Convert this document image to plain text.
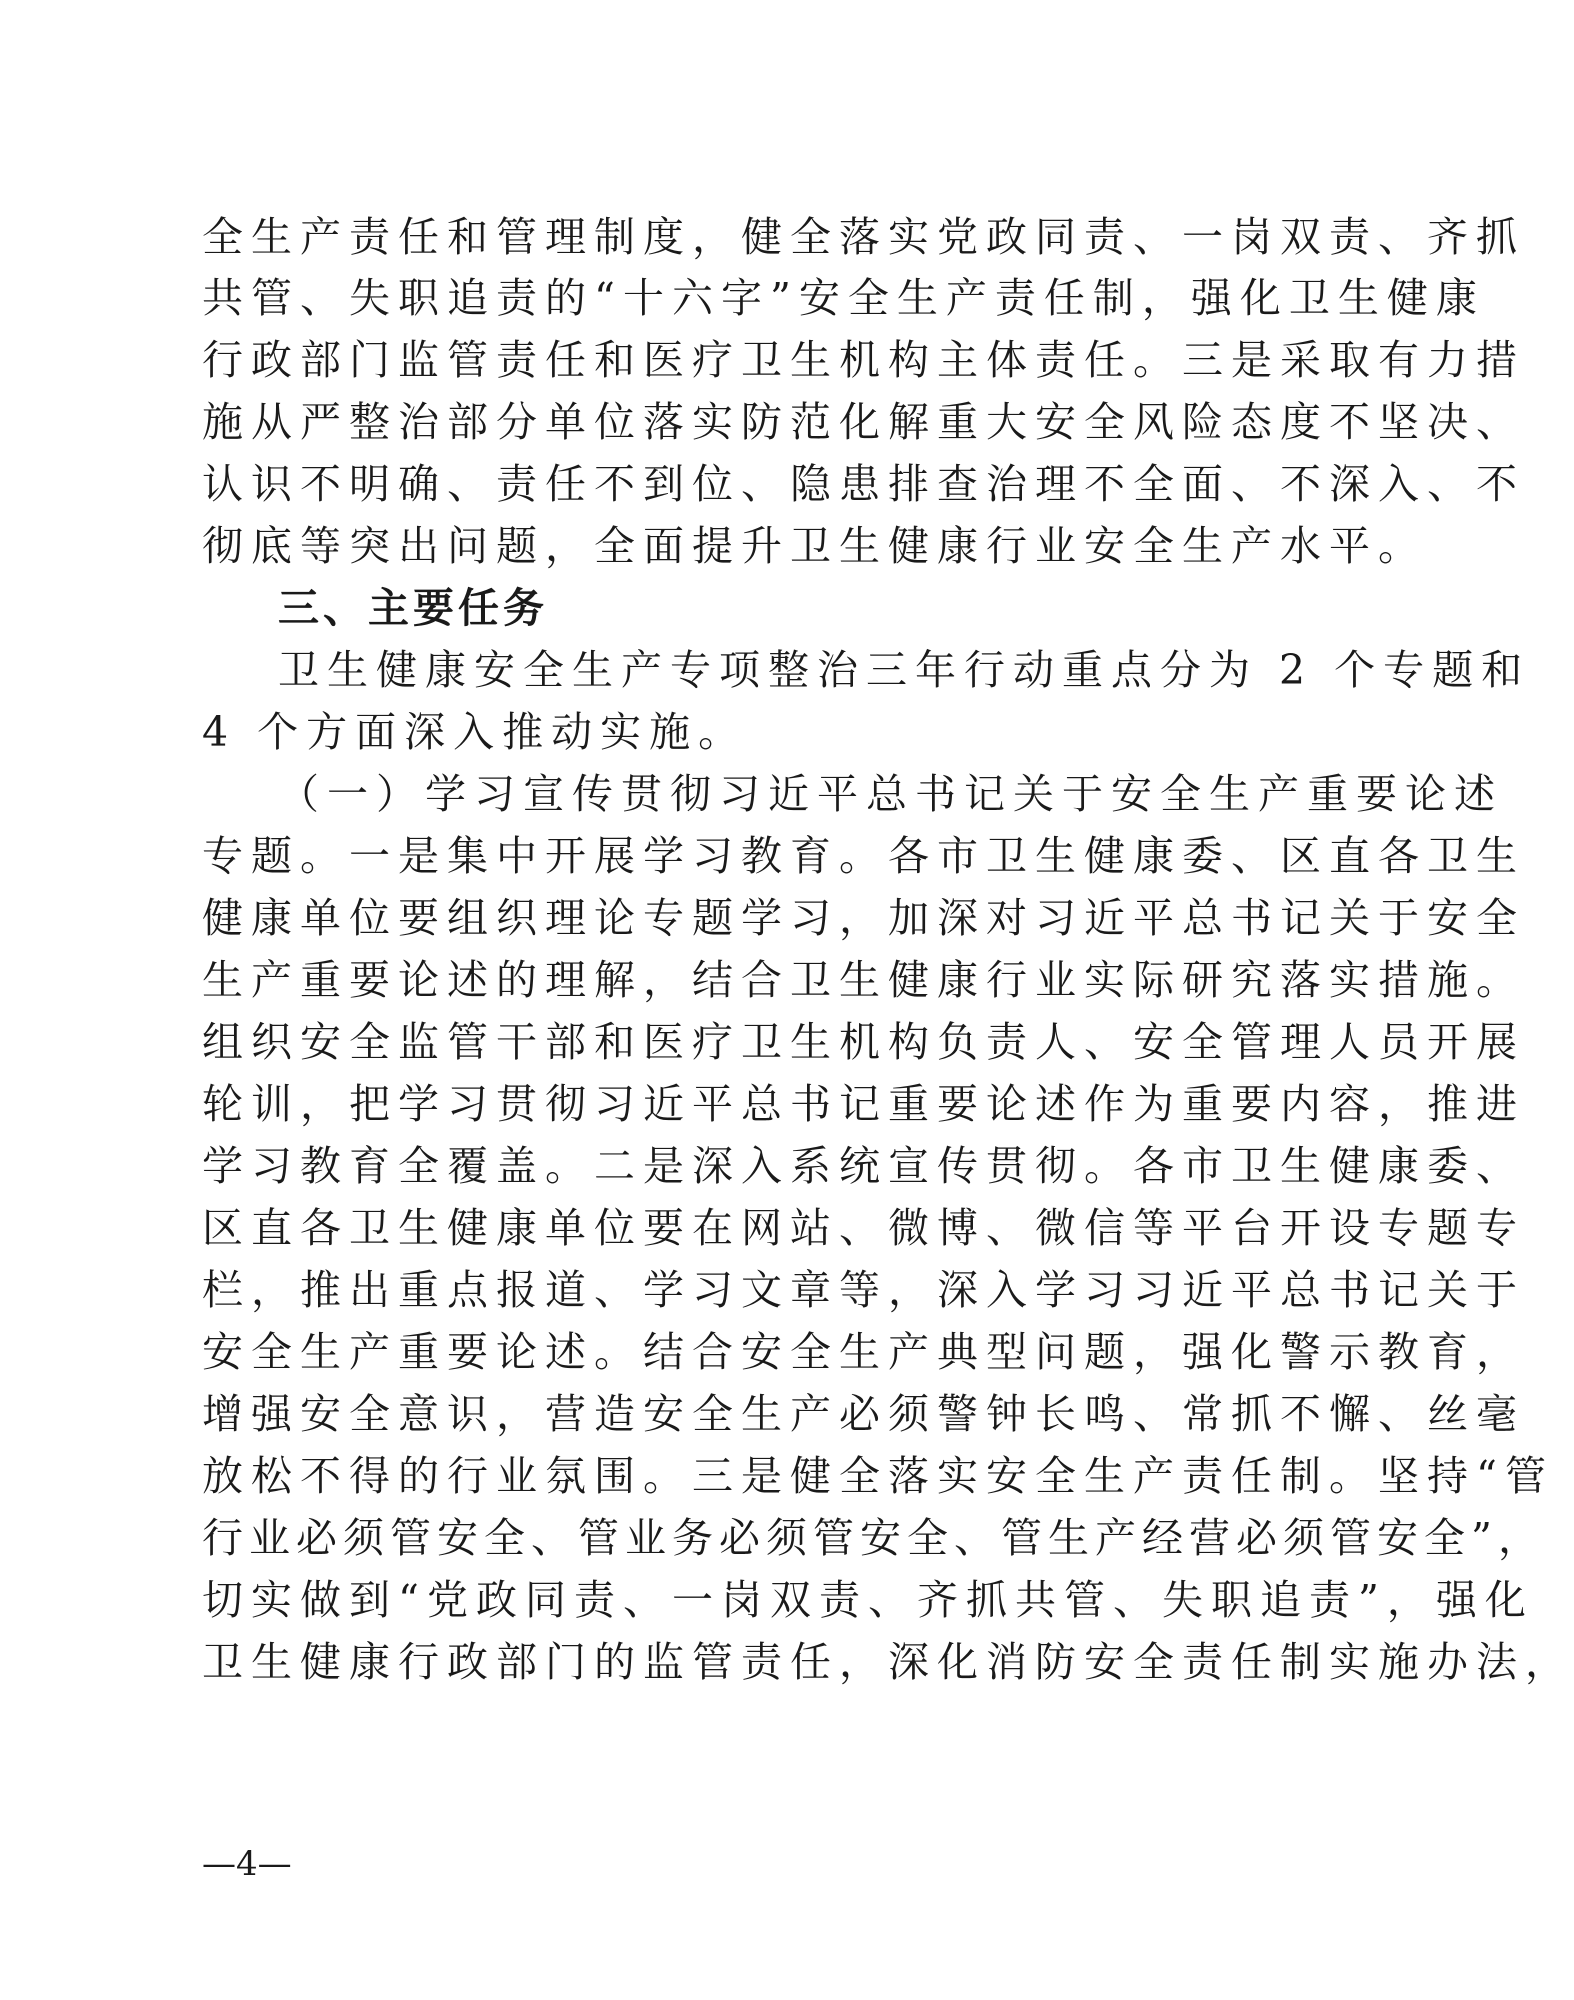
全生产责任和管理制度，健全落实党政同责、一岗双责、齐抓
共管、失职追责的“十六字”安全生产责任制，强化卫生健康
行政部门监管责任和医疗卫生机构主体责任。三是采取有力措
施从严整治部分单位落实防范化解重大安全风险态度不坚决、
认识不明确、责任不到位、隐患排查治理不全面、不深入、不
彻底等突出问题，全面提升卫生健康行业安全生产水平。
三、主要任务
卫生健康安全生产专项整治三年行动重点分为 2 个专题和
4 个方面深入推动实施。
（一）学习宣传贯彻习近平总书记关于安全生产重要论述
专题。一是集中开展学习教育。各市卫生健康委、区直各卫生
健康单位要组织理论专题学习，加深对习近平总书记关于安全
生产重要论述的理解，结合卫生健康行业实际研究落实措施。
组织安全监管干部和医疗卫生机构负责人、安全管理人员开展
轮训，把学习贯彻习近平总书记重要论述作为重要内容，推进
学习教育全覆盖。二是深入系统宣传贯彻。各市卫生健康委、
区直各卫生健康单位要在网站、微博、微信等平台开设专题专
栏，推出重点报道、学习文章等，深入学习习近平总书记关于
安全生产重要论述。结合安全生产典型问题，强化警示教育，
增强安全意识，营造安全生产必须警钟长鸣、常抓不懈、丝毫
放松不得的行业氛围。三是健全落实安全生产责任制。坚持“管
行业必须管安全、管业务必须管安全、管生产经营必须管安全”，
切实做到“党政同责、一岗双责、齐抓共管、失职追责”，强化
卫生健康行政部门的监管责任，深化消防安全责任制实施办法，
—4—
